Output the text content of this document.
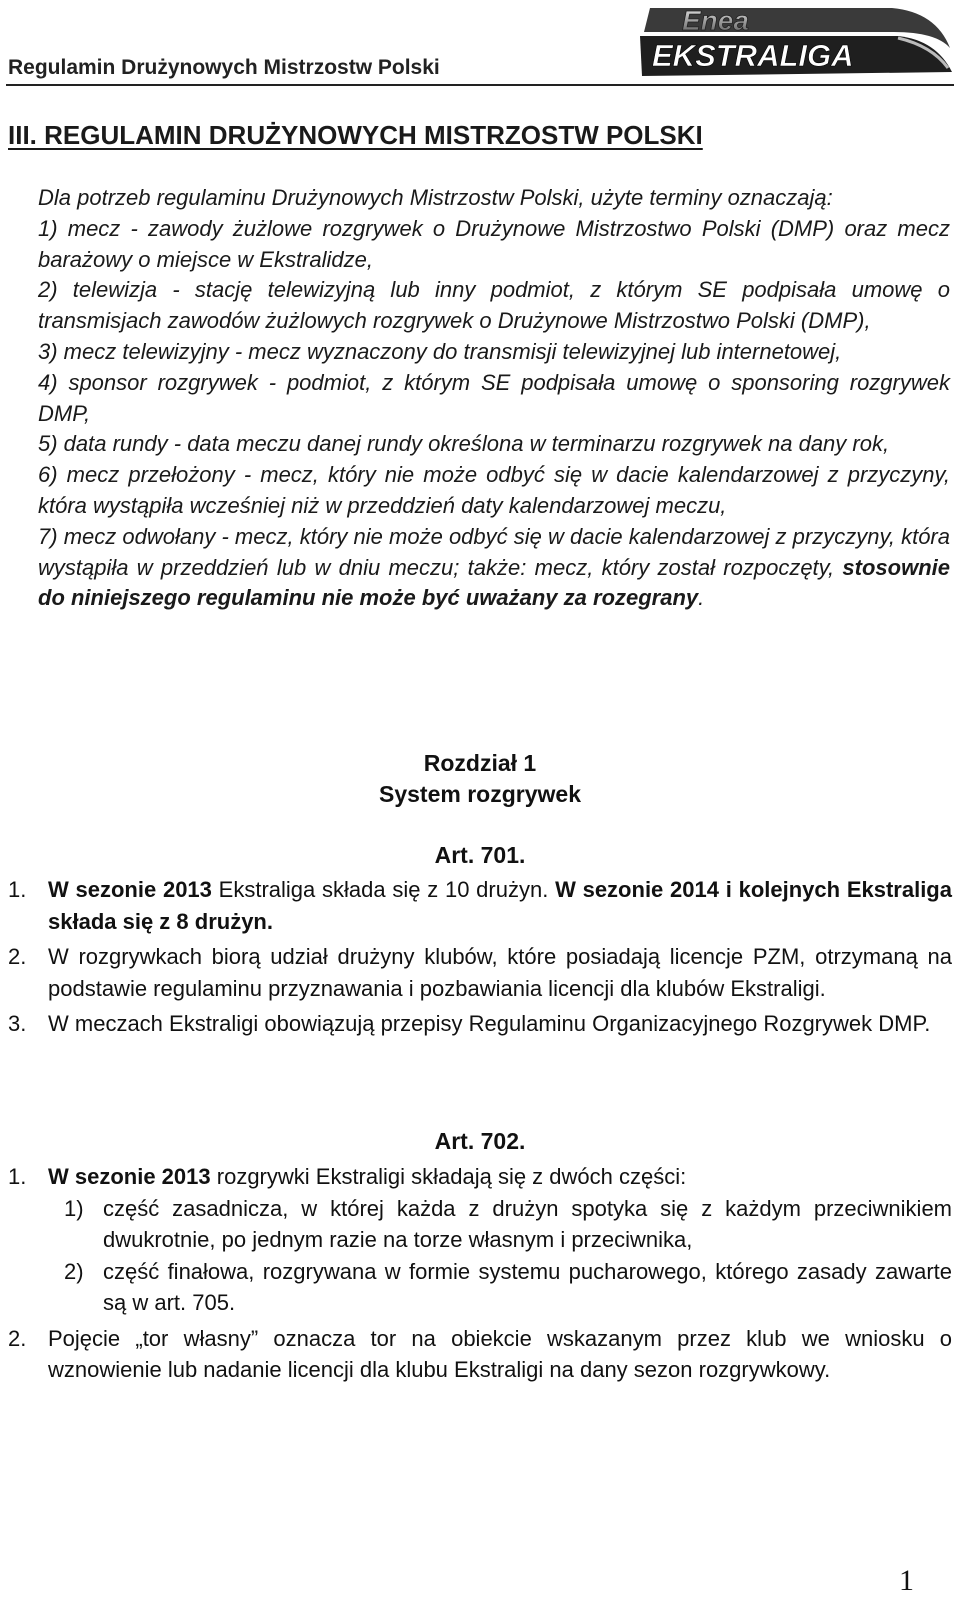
Regulamin Drużynowych Mistrzostw Polski
Enea
EKSTRALIGA
III. REGULAMIN DRUŻYNOWYCH MISTRZOSTW POLSKI

Dla potrzeb regulaminu Drużynowych Mistrzostw Polski, użyte terminy oznaczają:

1) mecz - zawody żużlowe rozgrywek o Drużynowe Mistrzostwo Polski (DMP) oraz mecz barażowy o miejsce w Ekstralidze,

2) telewizja - stację telewizyjną lub inny podmiot, z którym SE podpisała umowę o transmisjach zawodów żużlowych rozgrywek o Drużynowe Mistrzostwo Polski (DMP),

3) mecz telewizyjny - mecz wyznaczony do transmisji telewizyjnej lub internetowej,

4) sponsor rozgrywek - podmiot, z którym SE podpisała umowę o sponsoring rozgrywek DMP,

5) data rundy - data meczu danej rundy określona w terminarzu rozgrywek na dany rok,

6) mecz przełożony - mecz, który nie może odbyć się w dacie kalendarzowej z przyczyny, która wystąpiła wcześniej niż w przeddzień daty kalendarzowej meczu,

7) mecz odwołany - mecz, który nie może odbyć się w dacie kalendarzowej z przyczyny, która wystąpiła w przeddzień lub w dniu meczu; także: mecz, który został rozpoczęty, stosownie do niniejszego regulaminu nie może być uważany za rozegrany.

Rozdział 1
System rozgrywek
Art. 701.

1. W sezonie 2013 Ekstraliga składa się z 10 drużyn. W sezonie 2014 i kolejnych Ekstraliga składa się z 8 drużyn.

2. W rozgrywkach biorą udział drużyny klubów, które posiadają licencje PZM, otrzymaną na podstawie regulaminu przyznawania i pozbawiania licencji dla klubów Ekstraligi.

3. W meczach Ekstraligi obowiązują przepisy Regulaminu Organizacyjnego Rozgrywek DMP.

Art. 702.

1. W sezonie 2013 rozgrywki Ekstraligi składają się z dwóch części:

1) część zasadnicza, w której każda z drużyn spotyka się z każdym przeciwnikiem dwukrotnie, po jednym razie na torze własnym i przeciwnika,

2) część finałowa, rozgrywana w formie systemu pucharowego, którego zasady zawarte są w art. 705.

2. Pojęcie „tor własny” oznacza tor na obiekcie wskazanym przez klub we wniosku o wznowienie lub nadanie licencji dla klubu Ekstraligi na dany sezon rozgrywkowy.

1
